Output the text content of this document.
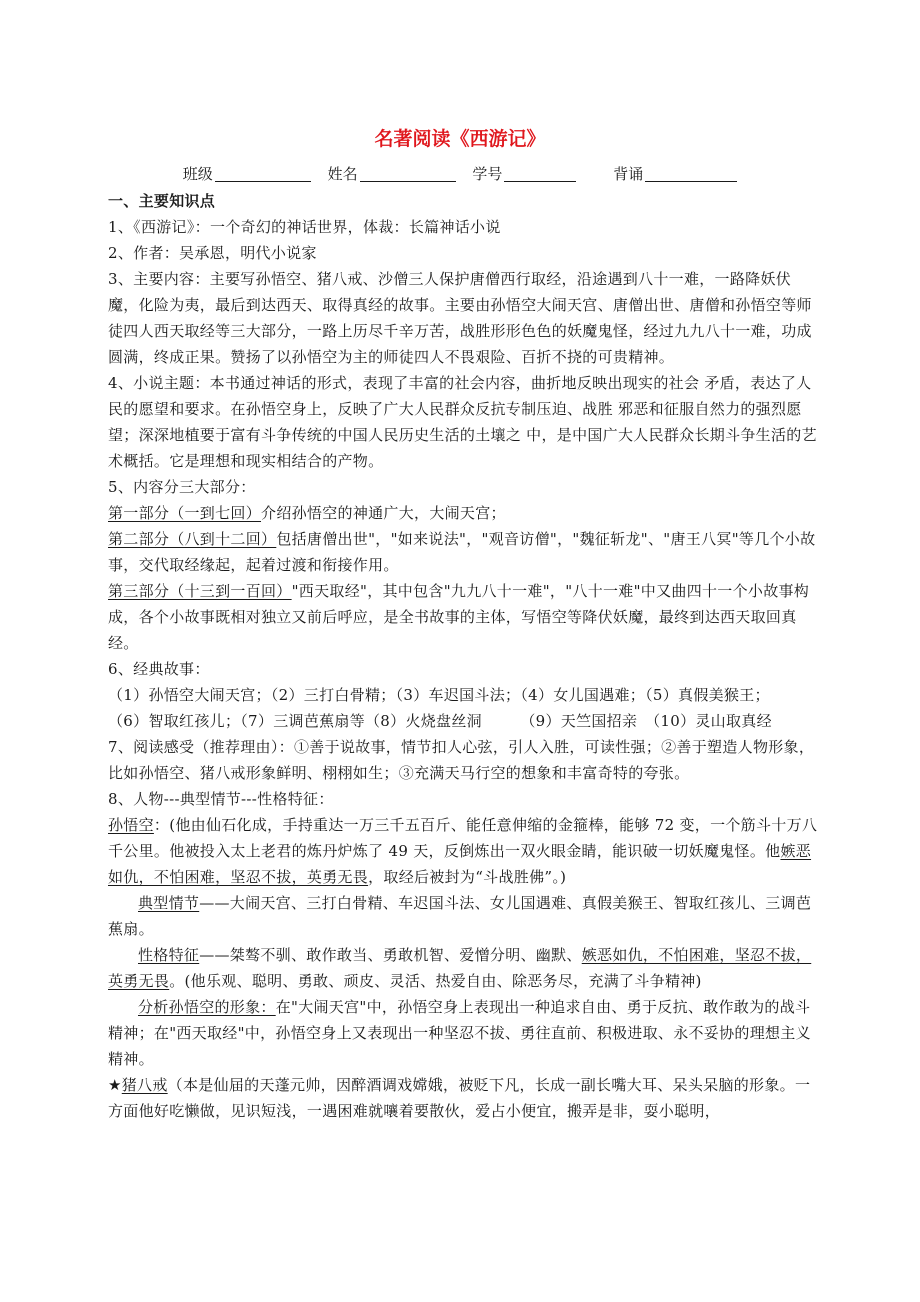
名著阅读《西游记》
班级	姓名	学号	背诵

一、主要知识点

1、《西游记》：一个奇幻的神话世界，体裁：长篇神话小说

2、作者：吴承恩，明代小说家

3、主要内容：主要写孙悟空、猪八戒、沙僧三人保护唐僧西行取经，沿途遇到八十一难，一路降妖伏魔，化险为夷，最后到达西天、取得真经的故事。主要由孙悟空大闹天宫、唐僧出世、唐僧和孙悟空等师徒四人西天取经等三大部分，一路上历尽千辛万苦，战胜形形色色的妖魔鬼怪，经过九九八十一难，功成圆满，终成正果。赞扬了以孙悟空为主的师徒四人不畏艰险、百折不挠的可贵精神。

4、小说主题：本书通过神话的形式，表现了丰富的社会内容，曲折地反映出现实的社会 矛盾，表达了人民的愿望和要求。在孙悟空身上，反映了广大人民群众反抗专制压迫、战胜 邪恶和征服自然力的强烈愿望；深深地植要于富有斗争传统的中国人民历史生活的土壤之 中，是中国广大人民群众长期斗争生活的艺术概括。它是理想和现实相结合的产物。

5、内容分三大部分：

第一部分（一到七回）介绍孙悟空的神通广大，大闹天宫；

第二部分（八到十二回）包括唐僧出世"，"如来说法"，"观音访僧"，"魏征斩龙"、"唐王八冥"等几个小故事，交代取经缘起，起着过渡和衔接作用。

第三部分（十三到一百回）"西天取经"，其中包含"九九八十一难"，"八十一难"中又曲四十一个小故事构成，各个小故事既相对独立又前后呼应，是全书故事的主体，写悟空等降伏妖魔，最终到达西天取回真经。

6、经典故事：

（1）孙悟空大闹天宫；（2）三打白骨精；（3）车迟国斗法；（4）女儿国遇难；（5）真假美猴王；

（6）智取红孩儿；（7）三调芭蕉扇等（8）火烧盘丝洞　　　（9）天竺国招亲　（10）灵山取真经

7、阅读感受（推荐理由）：①善于说故事，情节扣人心弦，引人入胜，可读性强；②善于塑造人物形象，比如孙悟空、猪八戒形象鲜明、栩栩如生；③充满天马行空的想象和丰富奇特的夸张。

8、人物---典型情节---性格特征：

孙悟空：(他由仙石化成，手持重达一万三千五百斤、能任意伸缩的金箍棒，能够 72 变，一个筋斗十万八千公里。他被投入太上老君的炼丹炉炼了 49 天，反倒炼出一双火眼金睛，能识破一切妖魔鬼怪。他嫉恶如仇，不怕困难，坚忍不拔，英勇无畏，取经后被封为“斗战胜佛”。)

典型情节——大闹天宫、三打白骨精、车迟国斗法、女儿国遇难、真假美猴王、智取红孩儿、三调芭蕉扇。

性格特征——桀骜不驯、敢作敢当、勇敢机智、爱憎分明、幽默、嫉恶如仇，不怕困难，坚忍不拔，英勇无畏。(他乐观、聪明、勇敢、顽皮、灵活、热爱自由、除恶务尽，充满了斗争精神)

分析孙悟空的形象：在"大闹天宫"中，孙悟空身上表现出一种追求自由、勇于反抗、敢作敢为的战斗精神；在"西天取经"中，孙悟空身上又表现出一种坚忍不拔、勇往直前、积极进取、永不妥协的理想主义精神。

★猪八戒（本是仙届的天蓬元帅，因醉酒调戏嫦娥，被贬下凡，长成一副长嘴大耳、呆头呆脑的形象。一方面他好吃懒做，见识短浅，一遇困难就嚷着要散伙，爱占小便宜，搬弄是非，耍小聪明，
